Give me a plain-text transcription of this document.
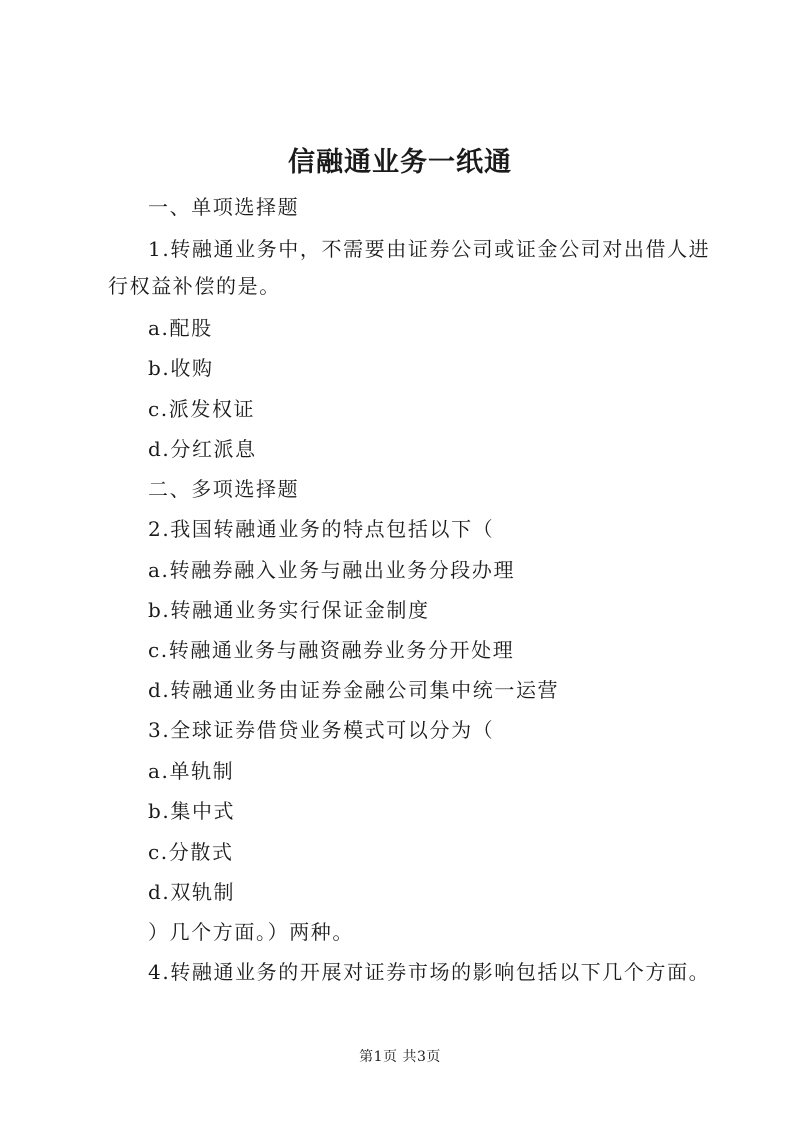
信融通业务一纸通
一、单项选择题
1.转融通业务中，不需要由证券公司或证金公司对出借人进
行权益补偿的是。
a.配股
b.收购
c.派发权证
d.分红派息
二、多项选择题
2.我国转融通业务的特点包括以下（
a.转融券融入业务与融出业务分段办理
b.转融通业务实行保证金制度
c.转融通业务与融资融券业务分开处理
d.转融通业务由证券金融公司集中统一运营
3.全球证券借贷业务模式可以分为（
a.单轨制
b.集中式
c.分散式
d.双轨制
）几个方面。）两种。
4.转融通业务的开展对证券市场的影响包括以下几个方面。
第1页 共3页
